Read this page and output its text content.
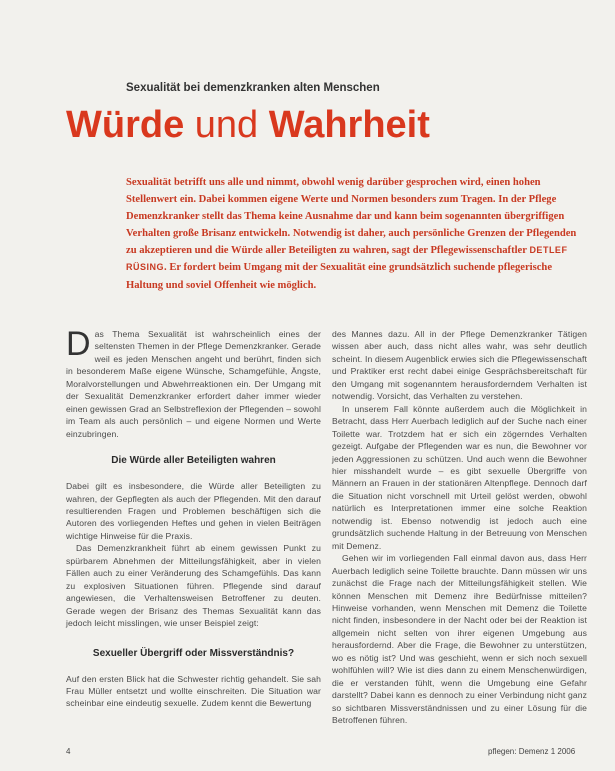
Sexualität bei demenzkranken alten Menschen
Würde und Wahrheit

Sexualität betrifft uns alle und nimmt, obwohl wenig darüber gesprochen wird, einen hohen Stellenwert ein. Dabei kommen eigene Werte und Normen besonders zum Tragen. In der Pflege Demenzkranker stellt das Thema keine Ausnahme dar und kann beim sogenannten übergriffigen Verhalten große Brisanz entwickeln. Notwendig ist daher, auch persönliche Grenzen der Pflegenden zu akzeptieren und die Würde aller Beteiligten zu wahren, sagt der Pflegewissenschaftler DETLEF RÜSING. Er fordert beim Umgang mit der Sexualität eine grundsätzlich suchende pflegerische Haltung und soviel Offenheit wie möglich.

Das Thema Sexualität ist wahrscheinlich eines der seltensten Themen in der Pflege Demenzkranker. Gerade weil es jeden Menschen angeht und berührt, finden sich in besonderem Maße eigene Wünsche, Schamgefühle, Ängste, Moralvorstellungen und Abwehrreaktionen ein. Der Umgang mit der Sexualität Demenzkranker erfordert daher immer wieder einen gewissen Grad an Selbstreflexion der Pflegenden – sowohl im Team als auch persönlich – und eigene Normen und Werte einzubringen.

Die Würde aller Beteiligten wahren

Dabei gilt es insbesondere, die Würde aller Beteiligten zu wahren, der Gepflegten als auch der Pflegenden. Mit den darauf resultierenden Fragen und Problemen beschäftigen sich die Autoren des vorliegenden Heftes und gehen in vielen Beiträgen wichtige Hinweise für die Praxis.

Das Demenzkrankheit führt ab einem gewissen Punkt zu spürbarem Abnehmen der Mitteilungsfähigkeit, aber in vielen Fällen auch zu einer Veränderung des Schamgefühls. Das kann zu explosiven Situationen führen. Pflegende sind darauf angewiesen, die Verhaltensweisen Betroffener zu deuten. Gerade wegen der Brisanz des Themas Sexualität kann das jedoch leicht misslingen, wie unser Beispiel zeigt:

Sexueller Übergriff oder Missverständnis?

Auf den ersten Blick hat die Schwester richtig gehandelt. Sie sah Frau Müller entsetzt und wollte einschreiten. Die Situation war scheinbar eine eindeutig sexuelle. Zudem kennt die Bewertung

des Mannes dazu. All in der Pflege Demenzkranker Tätigen wissen aber auch, dass nicht alles wahr, was sehr deutlich scheint. In diesem Augenblick erwies sich die Pflegewissenschaft und Praktiker erst recht dabei einige Gesprächsbereitschaft für den Umgang mit sogenanntem herausforderndem Verhalten ist notwendig. Vorsicht, das Verhalten zu verstehen.

In unserem Fall könnte außerdem auch die Möglichkeit in Betracht, dass Herr Auerbach lediglich auf der Suche nach einer Toilette war. Trotzdem hat er sich ein zögerndes Verhalten gezeigt. Aufgabe der Pflegenden war es nun, die Bewohner vor jeden Aggressionen zu schützen. Und auch wenn die Bewohner hier misshandelt wurde – es gibt sexuelle Übergriffe von Männern an Frauen in der stationären Altenpflege. Dennoch darf die Situation nicht vorschnell mit Urteil gelöst werden, obwohl natürlich es Interpretationen immer eine solche Reaktion notwendig ist. Ebenso notwendig ist jedoch auch eine grundsätzlich suchende Haltung in der Betreuung von Menschen mit Demenz.

Gehen wir im vorliegenden Fall einmal davon aus, dass Herr Auerbach lediglich seine Toilette brauchte. Dann müssen wir uns zunächst die Frage nach der Mitteilungsfähigkeit stellen. Wie können Menschen mit Demenz ihre Bedürfnisse mitteilen? Hinweise vorhanden, wenn Menschen mit Demenz die Toilette nicht finden, insbesondere in der Nacht oder bei der Reaktion ist allgemein nicht selten von ihrer eigenen Umgebung aus herausfordernd. Aber die Frage, die Bewohner zu unterstützen, wo es nötig ist? Und was geschieht, wenn er sich noch sexuell wohlfühlen will? Wie ist dies dann zu einem Menschenwürdigen, die er verstanden fühlt, wenn die Umgebung eine Gefahr darstellt? Dabei kann es dennoch zu einer Verbindung nicht ganz so sichtbaren Missverständnissen und zu einer Lösung für die Betroffenen führen.

4	pflegen: Demenz 1 2006
